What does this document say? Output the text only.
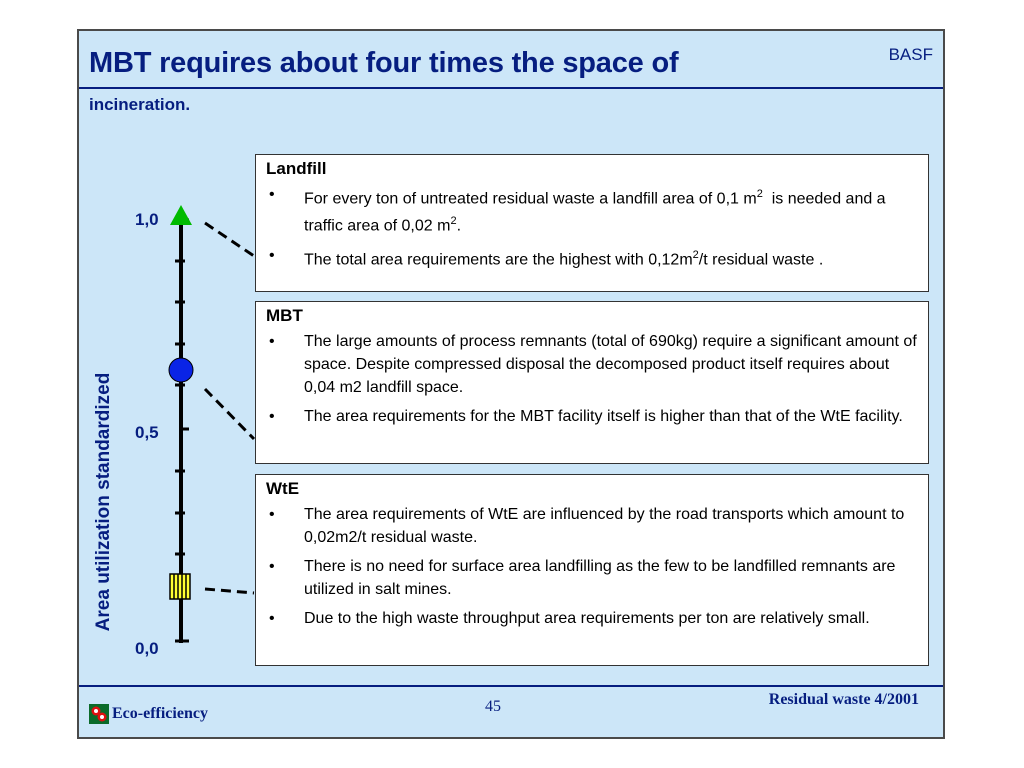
MBT requires about four times the space of	BASF
incineration.
Area utilization standardized
1,0
0,5
0,0
Landfill
• For every ton of untreated residual waste a landfill area of 0,1 $m^2$  is needed and a traffic area of 0,02 $m^2$.
• The total area requirements are the highest with $0,12m^2/t$ residual waste .
MBT
• The large amounts of process remnants (total of 690kg) require a significant amount of space. Despite compressed disposal the decomposed product itself requires about 0,04 m2 landfill space.
• The area requirements for the MBT facility itself is higher than that of the WtE facility.
WtE
• The area requirements of WtE are influenced by the road transports which amount to 0,02m2/t residual waste.
• There is no need for surface area landfilling as the few to be landfilled remnants are utilized in salt mines.
• Due to the high waste throughput area requirements per ton are relatively small.
Eco-efficiency	45	Residual waste 4/2001
